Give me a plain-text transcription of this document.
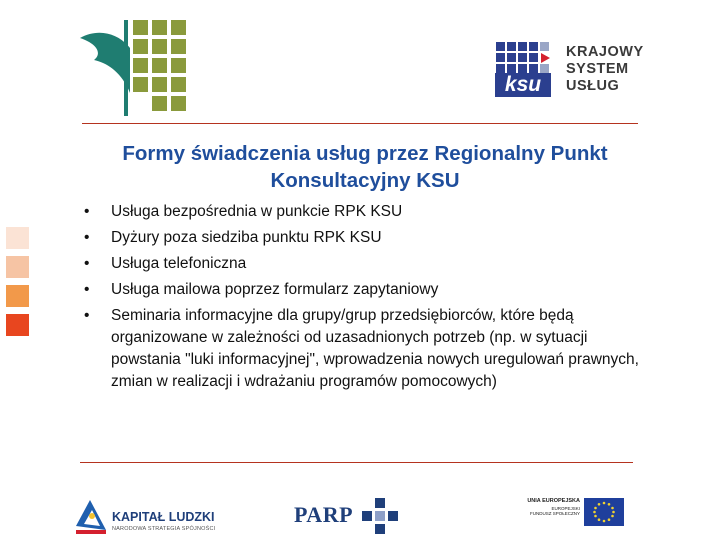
ksu
KRAJOWY
SYSTEM
USŁUG
Formy świadczenia usług przez Regionalny Punkt Konsultacyjny KSU
•	Usługa bezpośrednia w punkcie RPK KSU
•	Dyżury poza siedziba punktu RPK KSU
•	Usługa telefoniczna
•	Usługa mailowa poprzez formularz zapytaniowy
•	Seminaria informacyjne dla grupy/grup przedsiębiorców, które będą organizowane w zależności od uzasadnionych potrzeb (np. w sytuacji powstania "luki informacyjnej", wprowadzenia nowych uregulowań prawnych, zmian w realizacji i wdrażaniu programów pomocowych)
KAPITAŁ LUDZKI
NARODOWA STRATEGIA SPÓJNOŚCI
PARP
UNIA EUROPEJSKA
EUROPEJSKI
FUNDUSZ SPOŁECZNY
